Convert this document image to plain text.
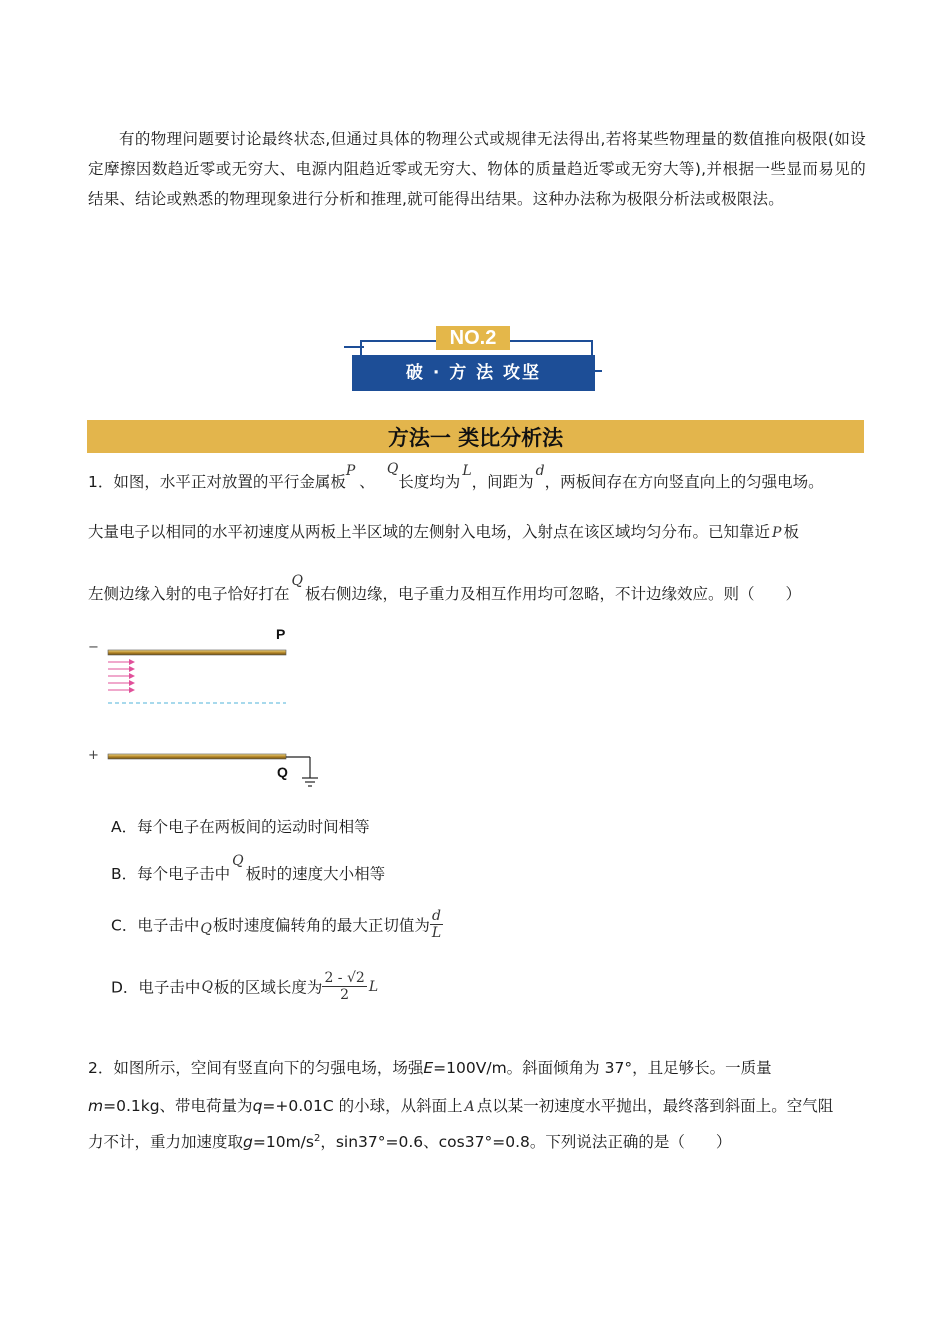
有的物理问题要讨论最终状态,但通过具体的物理公式或规律无法得出,若将某些物理量的数值推向极限(如设定摩擦因数趋近零或无穷大、电源内阻趋近零或无穷大、物体的质量趋近零或无穷大等),并根据一些显而易见的结果、结论或熟悉的物理现象进行分析和推理,就可能得出结果。这种办法称为极限分析法或极限法。
NO.2
破 · 方 法 攻坚
方法一 类比分析法
1．如图，水平正对放置的平行金属板P、Q长度均为L，间距为d，两板间存在方向竖直向上的匀强电场。
大量电子以相同的水平初速度从两板上半区域的左侧射入电场，入射点在该区域均匀分布。已知靠近 P 板
左侧边缘入射的电子恰好打在Q板右侧边缘，电子重力及相互作用均可忽略，不计边缘效应。则（　　）
−
+
P
Q
A．每个电子在两板间的运动时间相等
B．每个电子击中Q板时的速度大小相等
C．电子击中Q板时速度偏转角的最大正切值为 $\frac{d}{L}$
D．电子击中Q板的区域长度为 $\frac{2 - √2}{2}$ L
2．如图所示，空间有竖直向下的匀强电场，场强E=100V/m。斜面倾角为 37°，且足够长。一质量
m=0.1kg、带电荷量为q=+0.01C 的小球，从斜面上 A 点以某一初速度水平抛出，最终落到斜面上。空气阻
力不计，重力加速度取$g=10m/s^2$，sin37°=0.6、cos37°=0.8。下列说法正确的是（　　）
